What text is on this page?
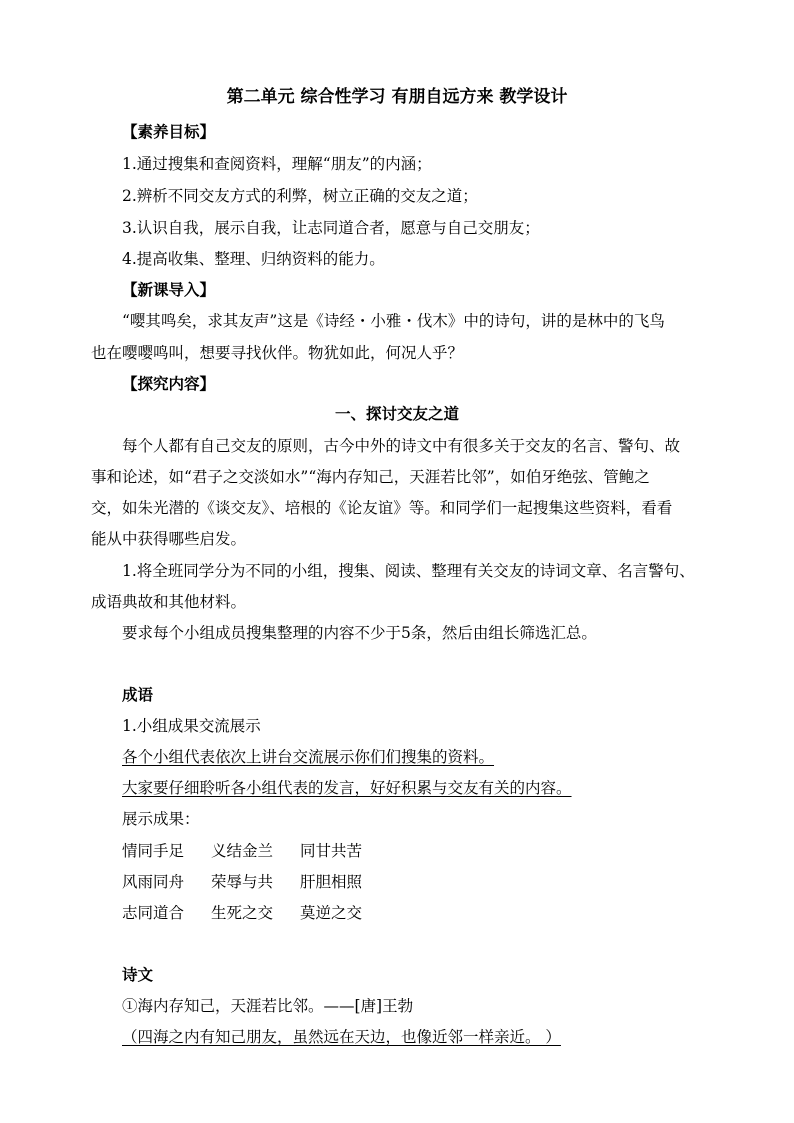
第二单元 综合性学习 有朋自远方来 教学设计
【素养目标】
1.通过搜集和查阅资料，理解“朋友”的内涵；
2.辨析不同交友方式的利弊，树立正确的交友之道；
3.认识自我，展示自我，让志同道合者，愿意与自己交朋友；
4.提高收集、整理、归纳资料的能力。
【新课导入】
“嘤其鸣矣，求其友声”这是《诗经・小雅・伐木》中的诗句，讲的是林中的飞鸟
也在嘤嘤鸣叫，想要寻找伙伴。物犹如此，何况人乎？
【探究内容】
一、探讨交友之道
每个人都有自己交友的原则，古今中外的诗文中有很多关于交友的名言、警句、故
事和论述，如“君子之交淡如水”“海内存知己，天涯若比邻”，如伯牙绝弦、管鲍之
交，如朱光潜的《谈交友》、培根的《论友谊》等。和同学们一起搜集这些资料，看看
能从中获得哪些启发。
1.将全班同学分为不同的小组，搜集、阅读、整理有关交友的诗词文章、名言警句、
成语典故和其他材料。
要求每个小组成员搜集整理的内容不少于5条，然后由组长筛选汇总。
成语
1.小组成果交流展示
各个小组代表依次上讲台交流展示你们们搜集的资料。
大家要仔细聆听各小组代表的发言，好好积累与交友有关的内容。
展示成果：
情同手足 义结金兰 同甘共苦
风雨同舟 荣辱与共 肝胆相照
志同道合 生死之交 莫逆之交
诗文
①海内存知己，天涯若比邻。——[唐]王勃
（四海之内有知己朋友，虽然远在天边，也像近邻一样亲近。 ）
